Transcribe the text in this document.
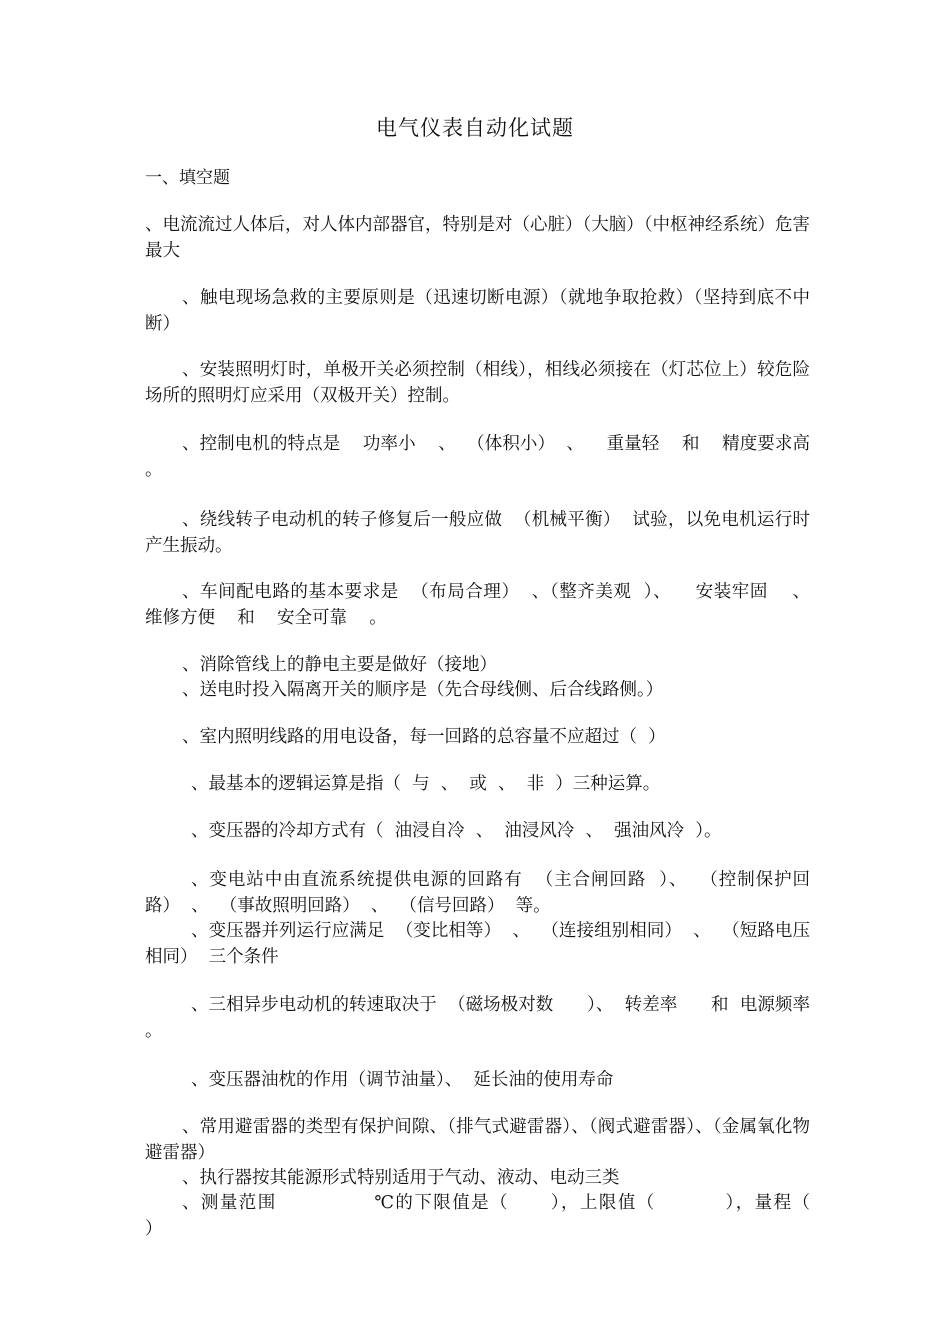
电气仪表自动化试题
一、填空题
、电流流过人体后，对人体内部器官，特别是对（心脏）（大脑）（中枢神经系统）危害最大
、触电现场急救的主要原则是（迅速切断电源）（就地争取抢救）（坚持到底不中断）
、安装照明灯时，单极开关必须控制（相线），相线必须接在（灯芯位上）较危险场所的照明灯应采用（双极开关）控制。
、控制电机的特点是    功率小    、  （体积小）  、    重量轻    和    精度要求高    。
、绕线转子电动机的转子修复后一般应做  （机械平衡）  试验，以免电机运行时产生振动。
、车间配电路的基本要求是  （布局合理）  、（整齐美观  ）、    安装牢固    、    维修方便    和    安全可靠    。
、消除管线上的静电主要是做好（接地）
、送电时投入隔离开关的顺序是（先合母线侧、后合线路侧。）
、室内照明线路的用电设备，每一回路的总容量不应超过（  ）
、最基本的逻辑运算是指（  与  、  或  、  非  ）三种运算。
、变压器的冷却方式有（  油浸自冷  、  油浸风冷  、  强油风冷  ）。
、变电站中由直流系统提供电源的回路有  （主合闸回路  ）、  （控制保护回路）  、  （事故照明回路）  、  （信号回路）  等。
、变压器并列运行应满足  （变比相等）  、  （连接组别相同）  、  （短路电压相同）  三个条件
、三相异步电动机的转速取决于  （磁场极对数      ）、  转差率      和  电源频率      。
、变压器油枕的作用（调节油量）、  延长油的使用寿命
、常用避雷器的类型有保护间隙、（排气式避雷器）、（阀式避雷器）、（金属氧化物避雷器）
、执行器按其能源形式特别适用于气动、液动、电动三类
、测量范围              ℃的下限值是（      ），上限值（          ），量程（            ）
